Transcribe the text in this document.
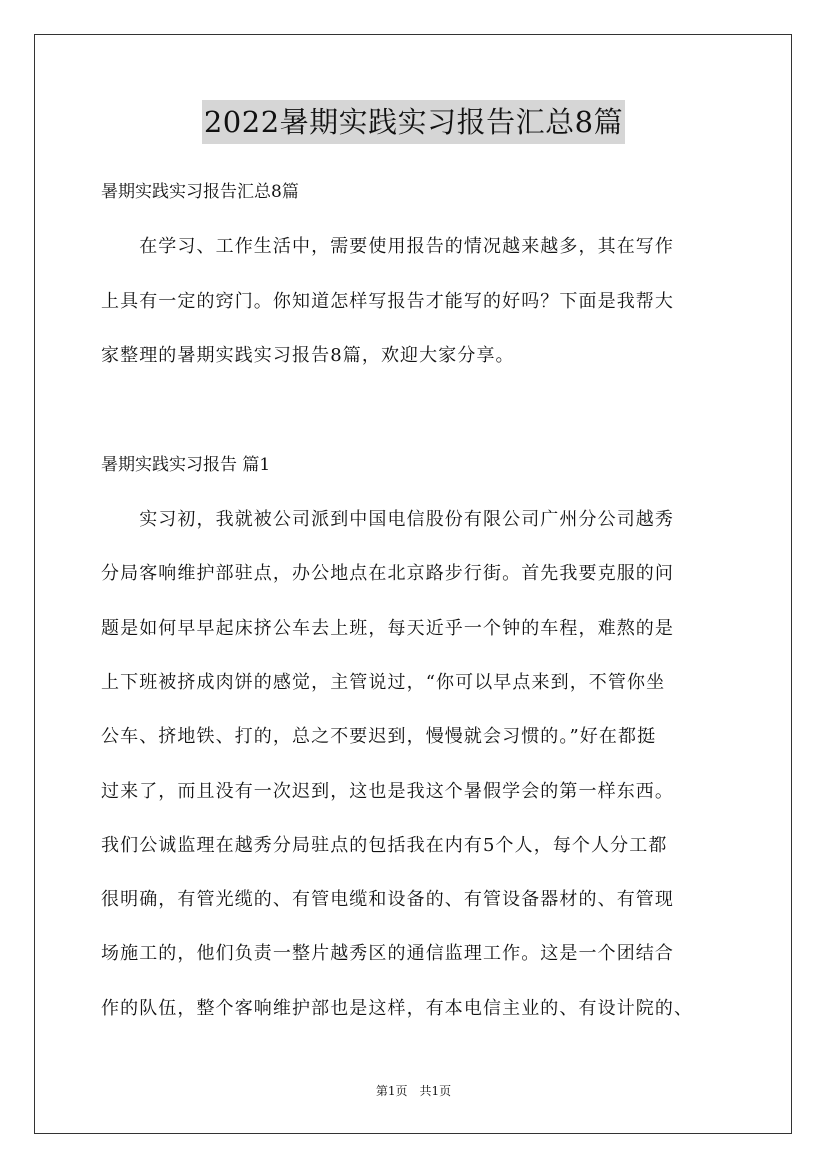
2022暑期实践实习报告汇总8篇
暑期实践实习报告汇总8篇
　　在学习、工作生活中，需要使用报告的情况越来越多，其在写作
上具有一定的窍门。你知道怎样写报告才能写的好吗？下面是我帮大
家整理的暑期实践实习报告8篇，欢迎大家分享。
暑期实践实习报告 篇1
　　实习初，我就被公司派到中国电信股份有限公司广州分公司越秀
分局客响维护部驻点，办公地点在北京路步行街。首先我要克服的问
题是如何早早起床挤公车去上班，每天近乎一个钟的车程，难熬的是
上下班被挤成肉饼的感觉，主管说过，“你可以早点来到，不管你坐
公车、挤地铁、打的，总之不要迟到，慢慢就会习惯的。”好在都挺
过来了，而且没有一次迟到，这也是我这个暑假学会的第一样东西。
我们公诚监理在越秀分局驻点的包括我在内有5个人，每个人分工都
很明确，有管光缆的、有管电缆和设备的、有管设备器材的、有管现
场施工的，他们负责一整片越秀区的通信监理工作。这是一个团结合
作的队伍，整个客响维护部也是这样，有本电信主业的、有设计院的、
第1页　共1页
